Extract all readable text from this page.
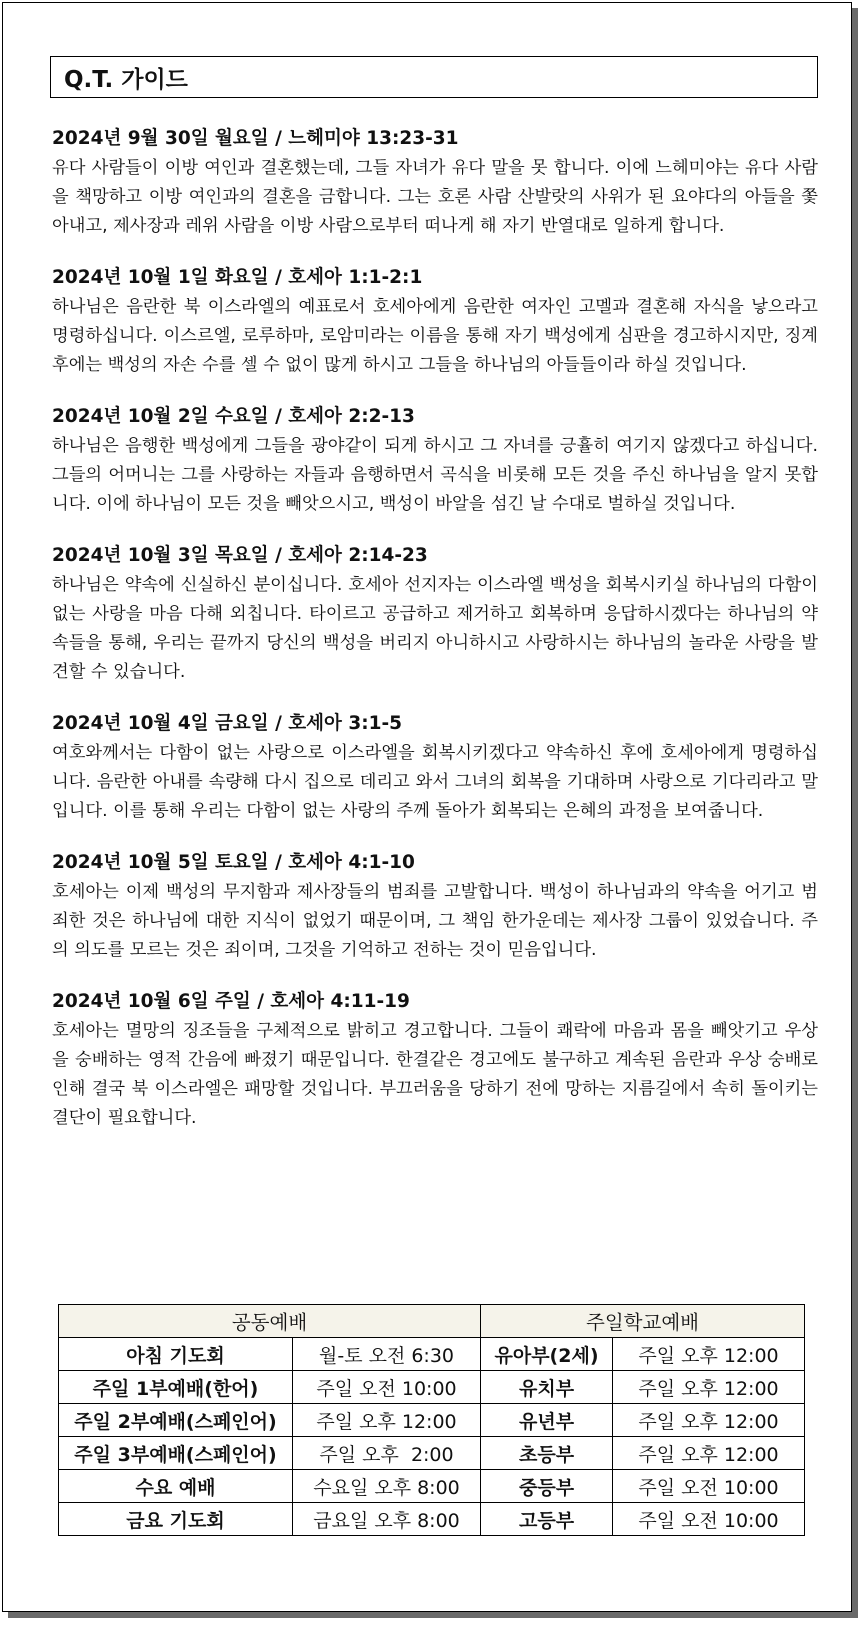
Q.T. 가이드
2024년 9월 30일 월요일 / 느헤미야 13:23-31

유다 사람들이 이방 여인과 결혼했는데, 그들 자녀가 유다 말을 못 합니다. 이에 느헤미야는 유다 사람을 책망하고 이방 여인과의 결혼을 금합니다. 그는 호론 사람 산발랏의 사위가 된 요야다의 아들을 쫓아내고, 제사장과 레위 사람을 이방 사람으로부터 떠나게 해 자기 반열대로 일하게 합니다.

2024년 10월 1일 화요일 / 호세아 1:1-2:1

하나님은 음란한 북 이스라엘의 예표로서 호세아에게 음란한 여자인 고멜과 결혼해 자식을 낳으라고 명령하십니다. 이스르엘, 로루하마, 로암미라는 이름을 통해 자기 백성에게 심판을 경고하시지만, 징계 후에는 백성의 자손 수를 셀 수 없이 많게 하시고 그들을 하나님의 아들들이라 하실 것입니다.

2024년 10월 2일 수요일 / 호세아 2:2-13

하나님은 음행한 백성에게 그들을 광야같이 되게 하시고 그 자녀를 긍휼히 여기지 않겠다고 하십니다. 그들의 어머니는 그를 사랑하는 자들과 음행하면서 곡식을 비롯해 모든 것을 주신 하나님을 알지 못합니다. 이에 하나님이 모든 것을 빼앗으시고, 백성이 바알을 섬긴 날 수대로 벌하실 것입니다.

2024년 10월 3일 목요일 / 호세아 2:14-23

하나님은 약속에 신실하신 분이십니다. 호세아 선지자는 이스라엘 백성을 회복시키실 하나님의 다함이 없는 사랑을 마음 다해 외칩니다. 타이르고 공급하고 제거하고 회복하며 응답하시겠다는 하나님의 약속들을 통해, 우리는 끝까지 당신의 백성을 버리지 아니하시고 사랑하시는 하나님의 놀라운 사랑을 발견할 수 있습니다.

2024년 10월 4일 금요일 / 호세아 3:1-5

여호와께서는 다함이 없는 사랑으로 이스라엘을 회복시키겠다고 약속하신 후에 호세아에게 명령하십니다. 음란한 아내를 속량해 다시 집으로 데리고 와서 그녀의 회복을 기대하며 사랑으로 기다리라고 말입니다. 이를 통해 우리는 다함이 없는 사랑의 주께 돌아가 회복되는 은혜의 과정을 보여줍니다.

2024년 10월 5일 토요일 / 호세아 4:1-10

호세아는 이제 백성의 무지함과 제사장들의 범죄를 고발합니다. 백성이 하나님과의 약속을 어기고 범죄한 것은 하나님에 대한 지식이 없었기 때문이며, 그 책임 한가운데는 제사장 그룹이 있었습니다. 주의 의도를 모르는 것은 죄이며, 그것을 기억하고 전하는 것이 믿음입니다.

2024년 10월 6일 주일 / 호세아 4:11-19

호세아는 멸망의 징조들을 구체적으로 밝히고 경고합니다. 그들이 쾌락에 마음과 몸을 빼앗기고 우상을 숭배하는 영적 간음에 빠졌기 때문입니다. 한결같은 경고에도 불구하고 계속된 음란과 우상 숭배로 인해 결국 북 이스라엘은 패망할 것입니다. 부끄러움을 당하기 전에 망하는 지름길에서 속히 돌이키는 결단이 필요합니다.

공동예배		주일학교예배	
아침 기도회	월-토 오전 6:30	유아부(2세)	주일 오후 12:00
주일 1부예배(한어)	주일 오전 10:00	유치부	주일 오후 12:00
주일 2부예배(스페인어)	주일 오후 12:00	유년부	주일 오후 12:00
주일 3부예배(스페인어)	주일 오후  2:00	초등부	주일 오후 12:00
수요 예배	수요일 오후 8:00	중등부	주일 오전 10:00
금요 기도회	금요일 오후 8:00	고등부	주일 오전 10:00
